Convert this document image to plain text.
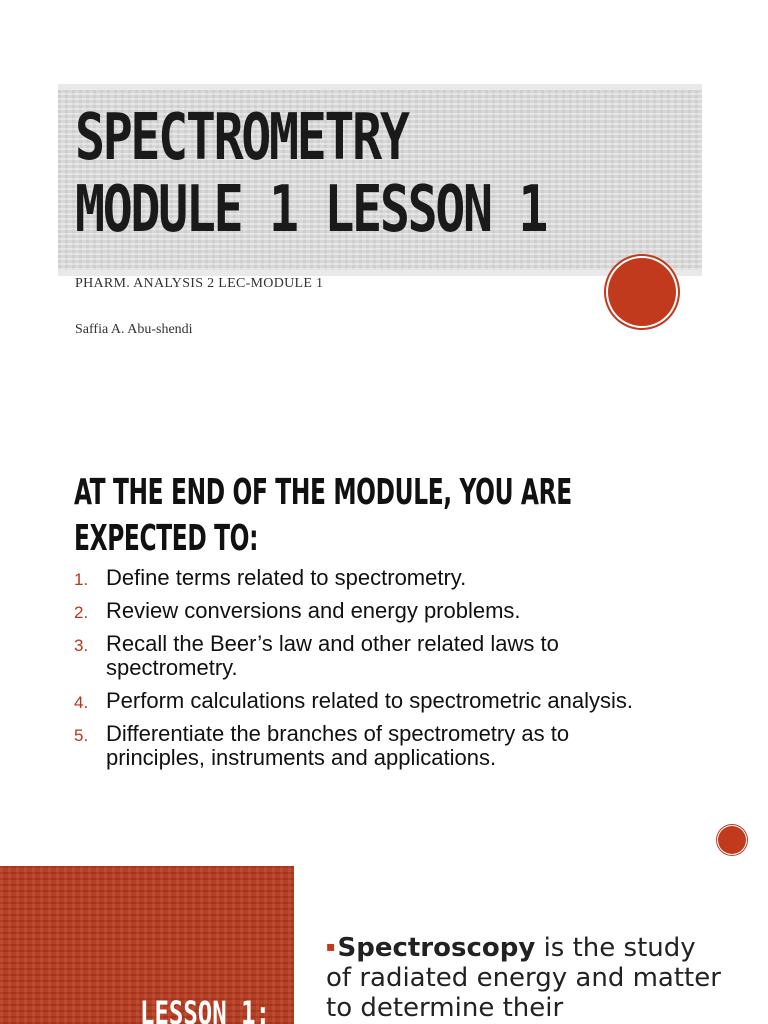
SPECTROMETRY
MODULE 1 LESSON 1
PHARM. ANALYSIS 2 LEC-MODULE 1
Saffia A. Abu-shendi
AT THE END OF THE MODULE, YOU ARE
EXPECTED TO:
1. Define terms related to spectrometry.
2. Review conversions and energy problems.
3. Recall the Beer’s law and other related laws to spectrometry.
4. Perform calculations related to spectrometric analysis.
5. Differentiate the branches of spectrometry as to principles, instruments and applications.
LESSON 1:
▪Spectroscopy is the study of radiated energy and matter to determine their
